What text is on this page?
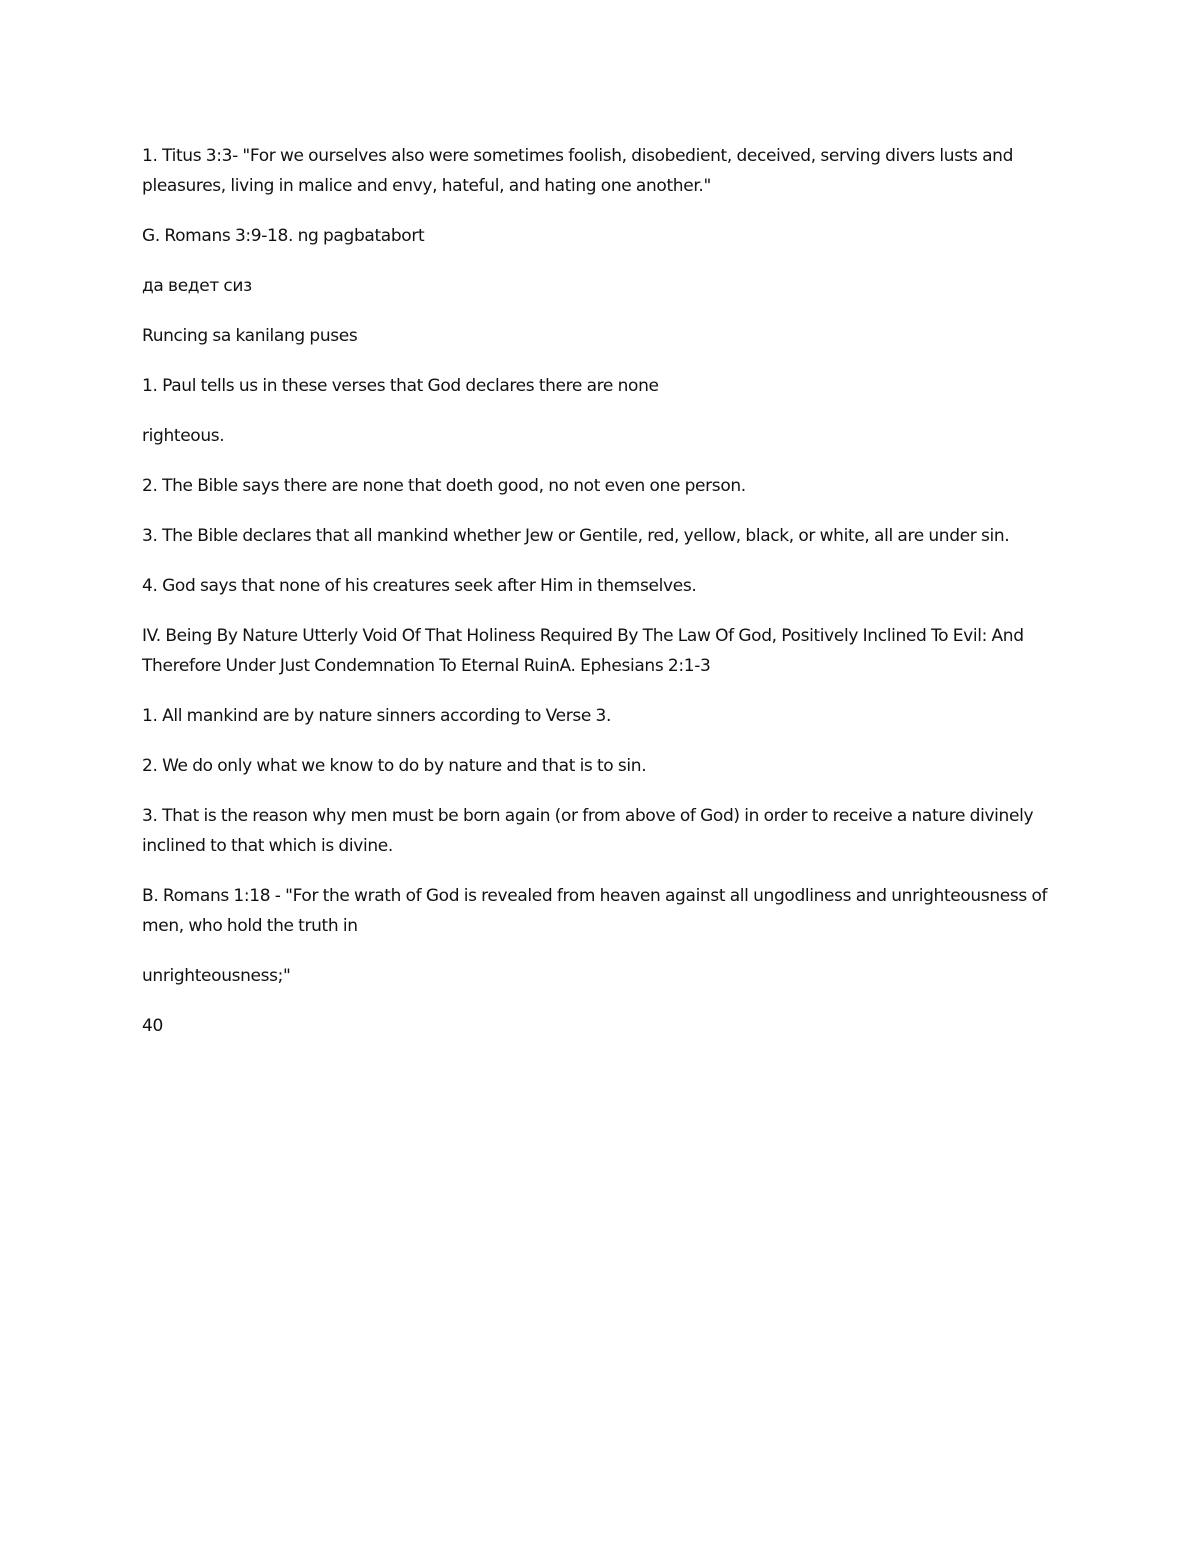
1. Titus 3:3- "For we ourselves also were sometimes foolish, disobedient, deceived, serving divers lusts and pleasures, living in malice and envy, hateful, and hating one another."

G. Romans 3:9-18. ng pagbatabort

да ведет сиз

Runcing sa kanilang puses

1. Paul tells us in these verses that God declares there are none

righteous.

2. The Bible says there are none that doeth good, no not even one person.

3. The Bible declares that all mankind whether Jew or Gentile, red, yellow, black, or white, all are under sin.

4. God says that none of his creatures seek after Him in themselves.

IV. Being By Nature Utterly Void Of That Holiness Required By The Law Of God, Positively Inclined To Evil: And Therefore Under Just Condemnation To Eternal RuinA. Ephesians 2:1-3

1. All mankind are by nature sinners according to Verse 3.

2. We do only what we know to do by nature and that is to sin.

3. That is the reason why men must be born again (or from above of God) in order to receive a nature divinely inclined to that which is divine.

B. Romans 1:18 - "For the wrath of God is revealed from heaven against all ungodliness and unrighteousness of men, who hold the truth in

unrighteousness;"

40
